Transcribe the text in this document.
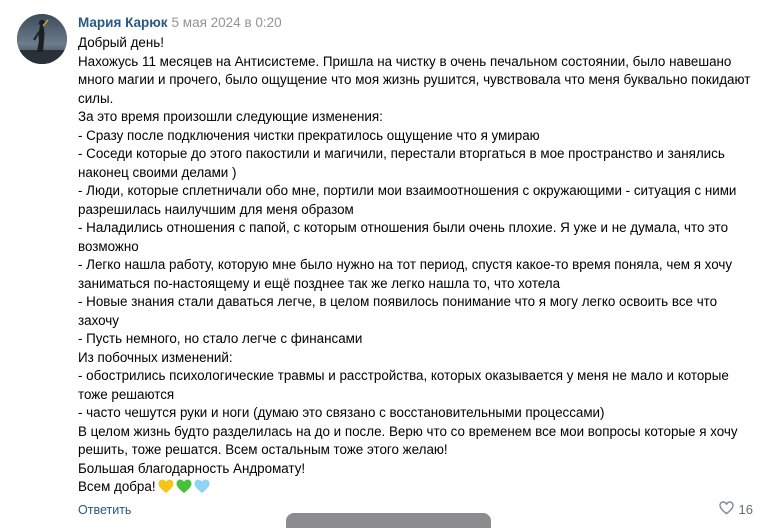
Мария Карюк 5 мая 2024 в 0:20
Добрый день!
Нахожусь 11 месяцев на Антисистеме. Пришла на чистку в очень печальном состоянии, было навешано
много магии и прочего, было ощущение что моя жизнь рушится, чувствовала что меня буквально покидают
силы.
За это время произошли следующие изменения:
- Сразу после подключения чистки прекратилось ощущение что я умираю
- Соседи которые до этого пакостили и магичили, перестали вторгаться в мое пространство и занялись
наконец своими делами )
- Люди, которые сплетничали обо мне, портили мои взаимоотношения с окружающими - ситуация с ними
разрешилась наилучшим для меня образом
- Наладились отношения с папой, с которым отношения были очень плохие. Я уже и не думала, что это
возможно
- Легко нашла работу, которую мне было нужно на тот период, спустя какое-то время поняла, чем я хочу
заниматься по-настоящему и ещё позднее так же легко нашла то, что хотела
- Новые знания стали даваться легче, в целом появилось понимание что я могу легко освоить все что
захочу
- Пусть немного, но стало легче с финансами
Из побочных изменений:
- обострились психологические травмы и расстройства, которых оказывается у меня не мало и которые
тоже решаются
- часто чешутся руки и ноги (думаю это связано с восстановительными процессами)
В целом жизнь будто разделилась на до и после. Верю что со временем все мои вопросы которые я хочу
решить, тоже решатся. Всем остальным тоже этого желаю!
Большая благодарность Андромату!
Всем добра!
Ответить	16
